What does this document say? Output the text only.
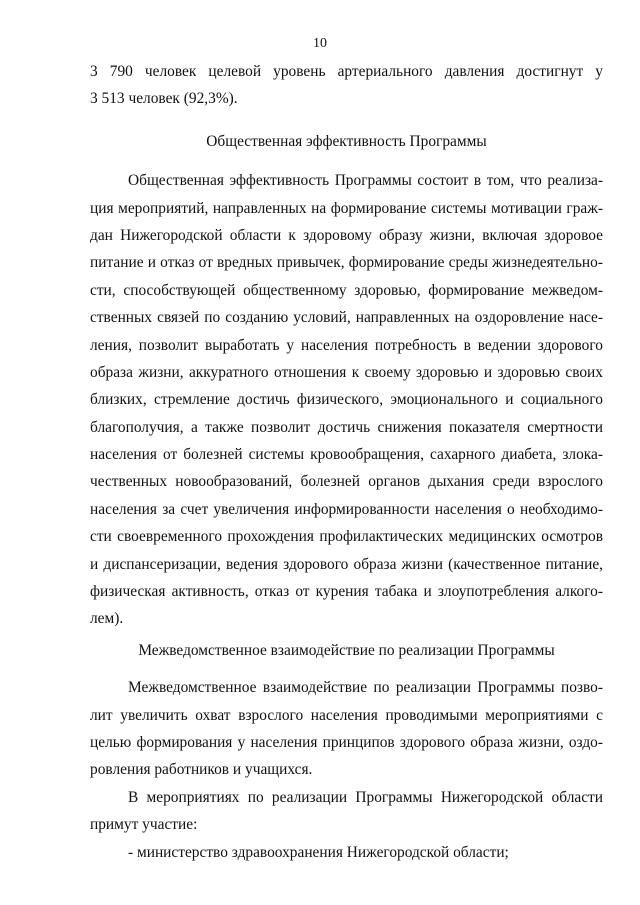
10
3 790 человек целевой уровень артериального давления достигнут у
3 513 человек (92,3%).
Общественная эффективность Программы
Общественная эффективность Программы состоит в том, что реализа-
ция мероприятий, направленных на формирование системы мотивации граж-
дан Нижегородской области к здоровому образу жизни, включая здоровое
питание и отказ от вредных привычек, формирование среды жизнедеятельно-
сти, способствующей общественному здоровью, формирование межведом-
ственных связей по созданию условий, направленных на оздоровление насе-
ления, позволит выработать у населения потребность в ведении здорового
образа жизни, аккуратного отношения к своему здоровью и здоровью своих
близких, стремление достичь физического, эмоционального и социального
благополучия, а также позволит достичь снижения показателя смертности
населения от болезней системы кровообращения, сахарного диабета, злока-
чественных новообразований, болезней органов дыхания среди взрослого
населения за счет увеличения информированности населения о необходимо-
сти своевременного прохождения профилактических медицинских осмотров
и диспансеризации, ведения здорового образа жизни (качественное питание,
физическая активность, отказ от курения табака и злоупотребления алкого-
лем).
Межведомственное взаимодействие по реализации Программы
Межведомственное взаимодействие по реализации Программы позво-
лит увеличить охват взрослого населения проводимыми мероприятиями с
целью формирования у населения принципов здорового образа жизни, оздо-
ровления работников и учащихся.
В мероприятиях по реализации Программы Нижегородской области
примут участие:
- министерство здравоохранения Нижегородской области;
